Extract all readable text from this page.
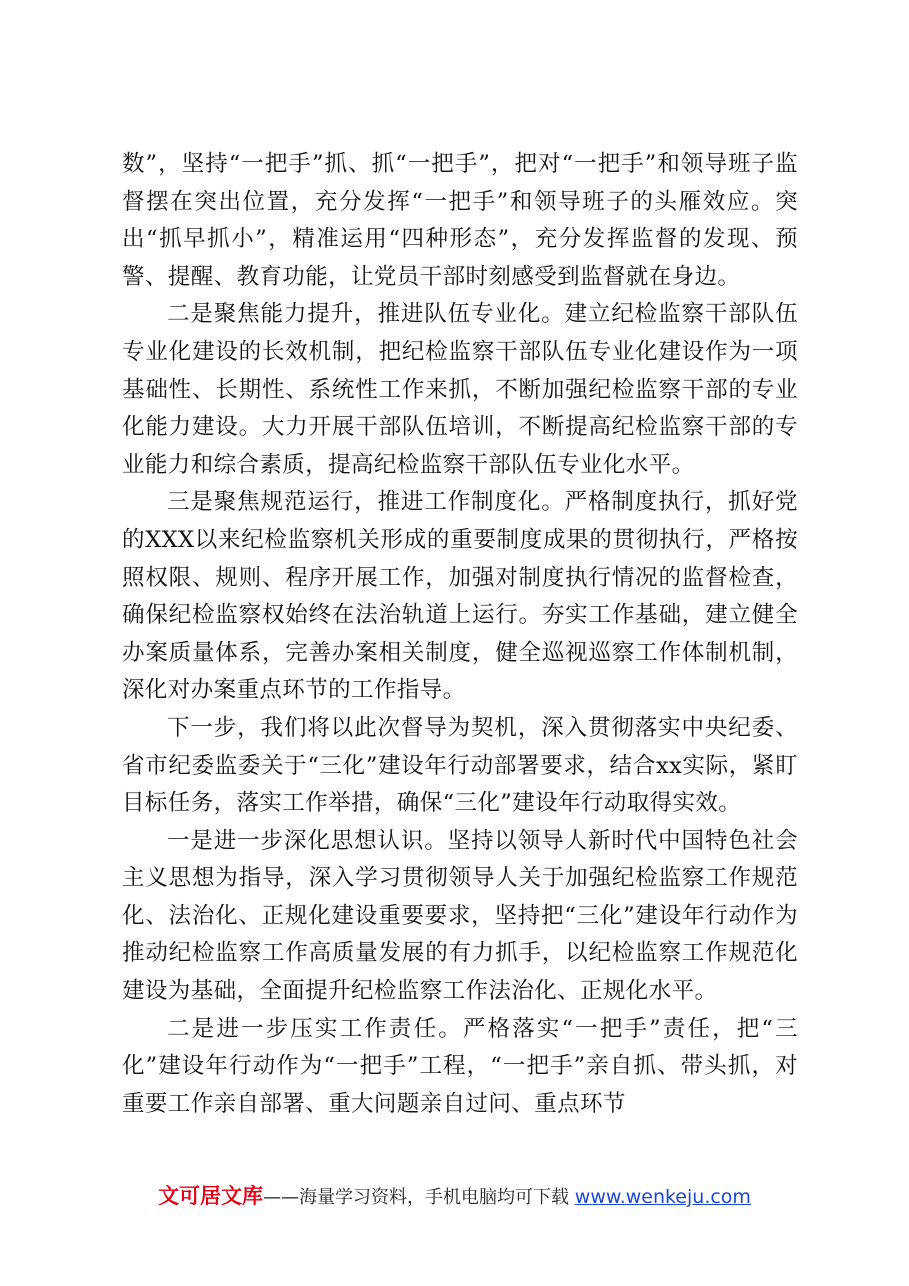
数”，坚持“一把手”抓、抓“一把手”，把对“一把手”和领导班子监督摆在突出位置，充分发挥“一把手”和领导班子的头雁效应。突出“抓早抓小”，精准运用“四种形态”，充分发挥监督的发现、预警、提醒、教育功能，让党员干部时刻感受到监督就在身边。

二是聚焦能力提升，推进队伍专业化。建立纪检监察干部队伍专业化建设的长效机制，把纪检监察干部队伍专业化建设作为一项基础性、长期性、系统性工作来抓，不断加强纪检监察干部的专业化能力建设。大力开展干部队伍培训，不断提高纪检监察干部的专业能力和综合素质，提高纪检监察干部队伍专业化水平。

三是聚焦规范运行，推进工作制度化。严格制度执行，抓好党的XXX以来纪检监察机关形成的重要制度成果的贯彻执行，严格按照权限、规则、程序开展工作，加强对制度执行情况的监督检查，确保纪检监察权始终在法治轨道上运行。夯实工作基础，建立健全办案质量体系，完善办案相关制度，健全巡视巡察工作体制机制，深化对办案重点环节的工作指导。

下一步，我们将以此次督导为契机，深入贯彻落实中央纪委、省市纪委监委关于“三化”建设年行动部署要求，结合xx实际，紧盯目标任务，落实工作举措，确保“三化”建设年行动取得实效。

一是进一步深化思想认识。坚持以领导人新时代中国特色社会主义思想为指导，深入学习贯彻领导人关于加强纪检监察工作规范化、法治化、正规化建设重要要求，坚持把“三化”建设年行动作为推动纪检监察工作高质量发展的有力抓手，以纪检监察工作规范化建设为基础，全面提升纪检监察工作法治化、正规化水平。

二是进一步压实工作责任。严格落实“一把手”责任，把“三化”建设年行动作为“一把手”工程，“一把手”亲自抓、带头抓，对重要工作亲自部署、重大问题亲自过问、重点环节

文可居文库——海量学习资料，手机电脑均可下载 www.wenkeju.com
